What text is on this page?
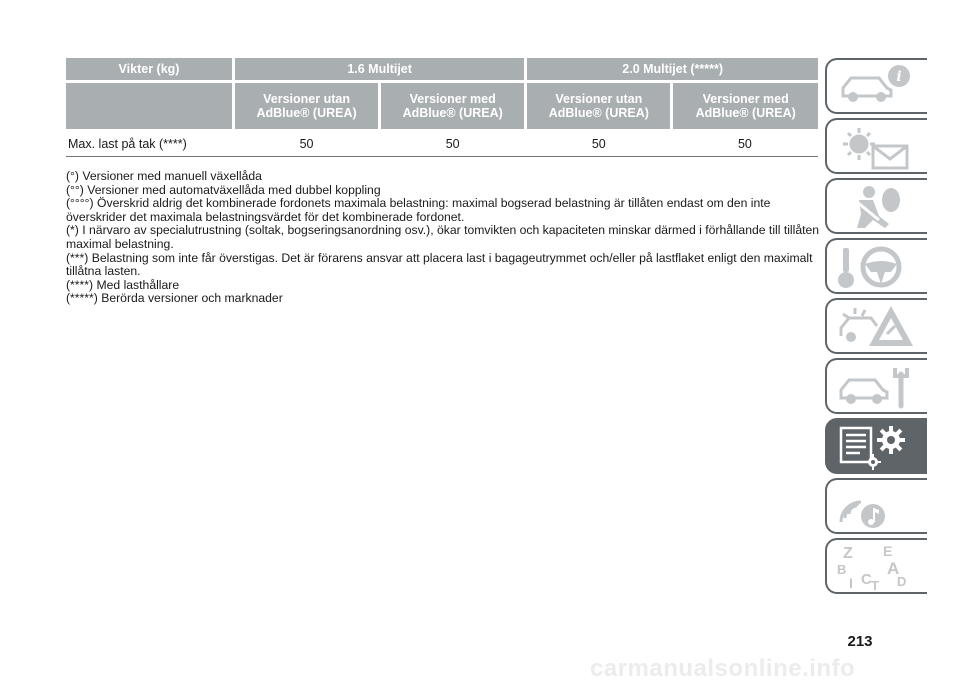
Vikter (kg)	1.6 Multijet		2.0 Multijet (*****)	
	Versioner utan AdBlue® (UREA)	Versioner med AdBlue® (UREA)	Versioner utan AdBlue® (UREA)	Versioner med AdBlue® (UREA)
Max. last på tak (****)	50	50	50	50

(°) Versioner med manuell växellåda

(°°) Versioner med automatväxellåda med dubbel koppling

(°°°°) Överskrid aldrig det kombinerade fordonets maximala belastning: maximal bogserad belastning är tillåten endast om den inte överskrider det maximala belastningsvärdet för det kombinerade fordonet.

(*) I närvaro av specialutrustning (soltak, bogseringsanordning osv.), ökar tomvikten och kapaciteten minskar därmed i förhållande till tillåten maximal belastning.

(***) Belastning som inte får överstigas. Det är förarens ansvar att placera last i bagageutrymmet och/eller på lastflaket enligt den maximalt tillåtna lasten.

(****) Med lasthållare

(*****) Berörda versioner och marknader

i
Z E
B A
I C T D
213
carmanualsonline.info
